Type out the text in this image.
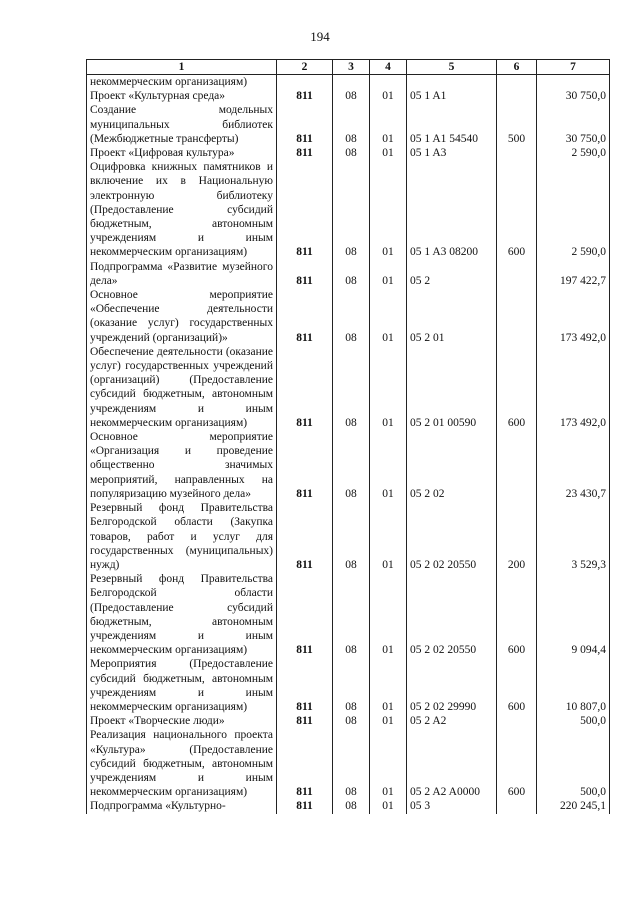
194
1	2	3	4	5	6	7
некоммерческим организациям)						
Проект «Культурная среда»	811	08	01	05 1 A1		30 750,0
Создание модельных муниципальных библиотек (Межбюджетные трансферты)	811	08	01	05 1 A1 54540	500	30 750,0
Проект «Цифровая культура»	811	08	01	05 1 A3		2 590,0
Оцифровка книжных памятников и включение их в Национальную электронную библиотеку (Предоставление субсидий бюджетным, автономным учреждениям и иным некоммерческим организациям)	811	08	01	05 1 A3 08200	600	2 590,0
Подпрограмма «Развитие музейного дела»	811	08	01	05 2		197 422,7
Основное мероприятие «Обеспечение деятельности (оказание услуг) государственных учреждений (организаций)»	811	08	01	05 2 01		173 492,0
Обеспечение деятельности (оказание услуг) государственных учреждений (организаций) (Предоставление субсидий бюджетным, автономным учреждениям и иным некоммерческим организациям)	811	08	01	05 2 01 00590	600	173 492,0
Основное мероприятие «Организация и проведение общественно значимых мероприятий, направленных на популяризацию музейного дела»	811	08	01	05 2 02		23 430,7
Резервный фонд Правительства Белгородской области (Закупка товаров, работ и услуг для государственных (муниципальных) нужд)	811	08	01	05 2 02 20550	200	3 529,3
Резервный фонд Правительства Белгородской области (Предоставление субсидий бюджетным, автономным учреждениям и иным некоммерческим организациям)	811	08	01	05 2 02 20550	600	9 094,4
Мероприятия (Предоставление субсидий бюджетным, автономным учреждениям и иным некоммерческим организациям)	811	08	01	05 2 02 29990	600	10 807,0
Проект «Творческие люди»	811	08	01	05 2 A2		500,0
Реализация национального проекта «Культура» (Предоставление субсидий бюджетным, автономным учреждениям и иным некоммерческим организациям)	811	08	01	05 2 A2 A0000	600	500,0
Подпрограмма «Культурно-	811	08	01	05 3		220 245,1
